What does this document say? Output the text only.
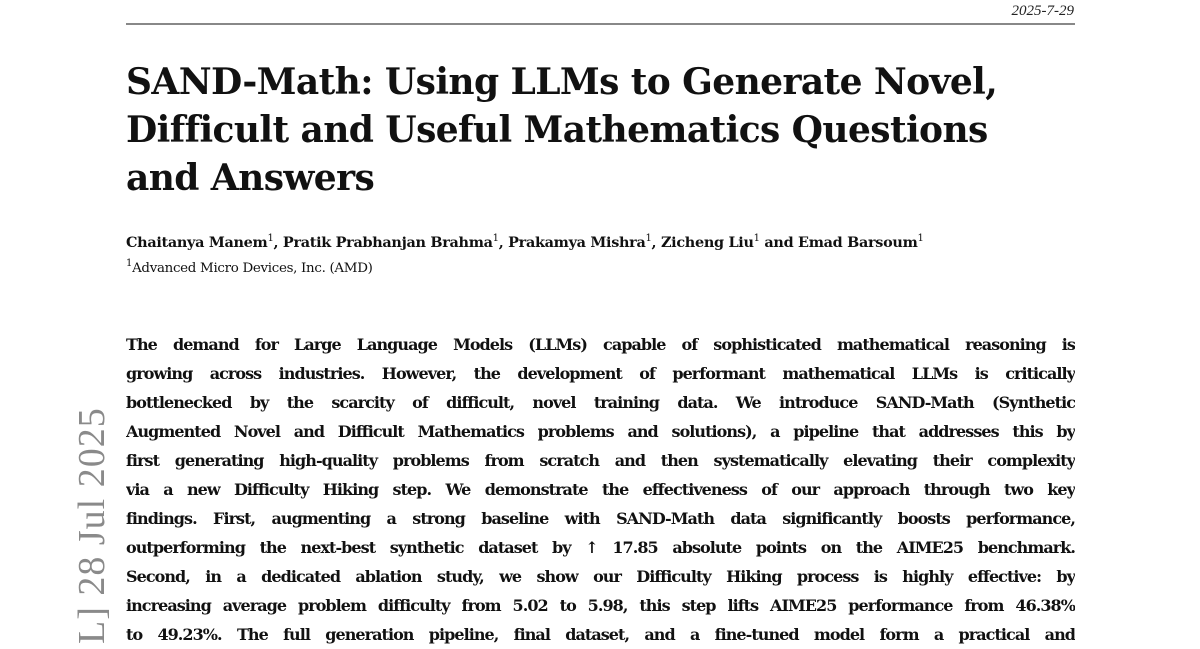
2025-7-29
SAND-Math: Using LLMs to Generate Novel,
Difficult and Useful Mathematics Questions
and Answers
Chaitanya Manem$^1$, Pratik Prabhanjan Brahma$^1$, Prakamya Mishra$^1$, Zicheng Liu$^1$ and Emad Barsoum$^1$
$^1$Advanced Micro Devices, Inc. (AMD)
The demand for Large Language Models (LLMs) capable of sophisticated mathematical reasoning is
growing across industries. However, the development of performant mathematical LLMs is critically
bottlenecked by the scarcity of difficult, novel training data. We introduce SAND-Math (Synthetic
Augmented Novel and Difficult Mathematics problems and solutions), a pipeline that addresses this by
first generating high-quality problems from scratch and then systematically elevating their complexity
via a new Difficulty Hiking step. We demonstrate the effectiveness of our approach through two key
findings. First, augmenting a strong baseline with SAND-Math data significantly boosts performance,
outperforming the next-best synthetic dataset by ↑ 17.85 absolute points on the AIME25 benchmark.
Second, in a dedicated ablation study, we show our Difficulty Hiking process is highly effective: by
increasing average problem difficulty from 5.02 to 5.98, this step lifts AIME25 performance from 46.38%
to 49.23%. The full generation pipeline, final dataset, and a fine-tuned model form a practical and
L] 28 Jul 2025
